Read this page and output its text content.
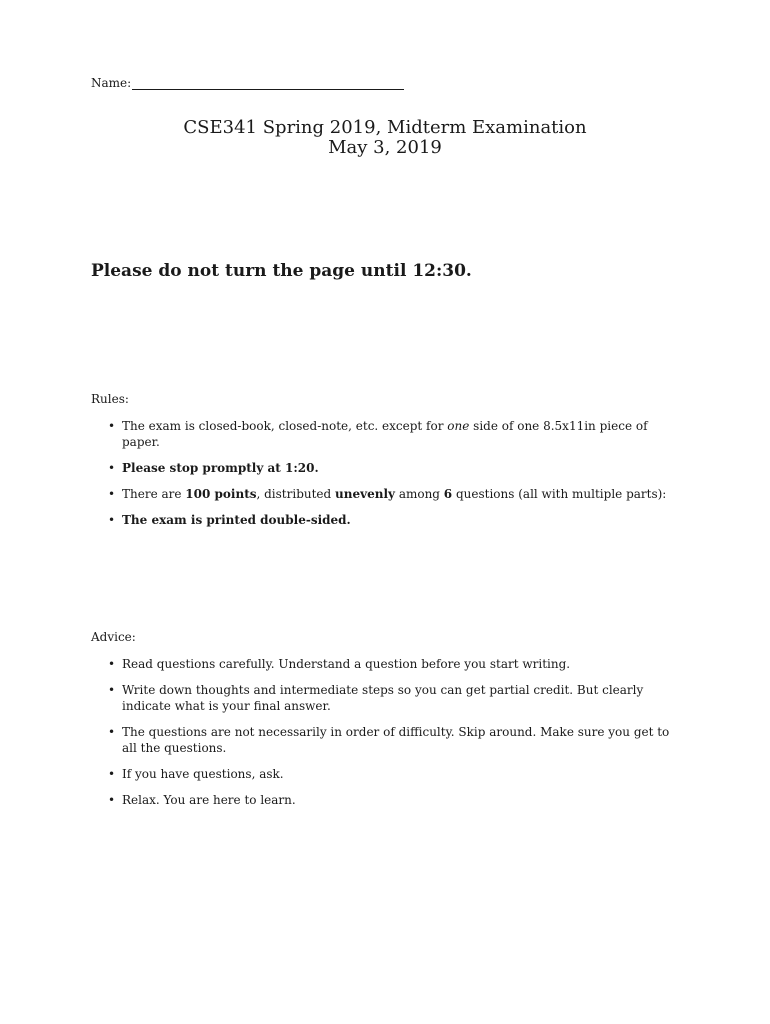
Name:
CSE341 Spring 2019, Midterm Examination
May 3, 2019
Please do not turn the page until 12:30.
Rules:
• The exam is closed-book, closed-note, etc. except for one side of one 8.5x11in piece of paper.
• Please stop promptly at 1:20.
• There are 100 points, distributed unevenly among 6 questions (all with multiple parts):
• The exam is printed double-sided.
Advice:
• Read questions carefully. Understand a question before you start writing.
• Write down thoughts and intermediate steps so you can get partial credit. But clearly indicate what is your final answer.
• The questions are not necessarily in order of difficulty. Skip around. Make sure you get to all the questions.
• If you have questions, ask.
• Relax. You are here to learn.
